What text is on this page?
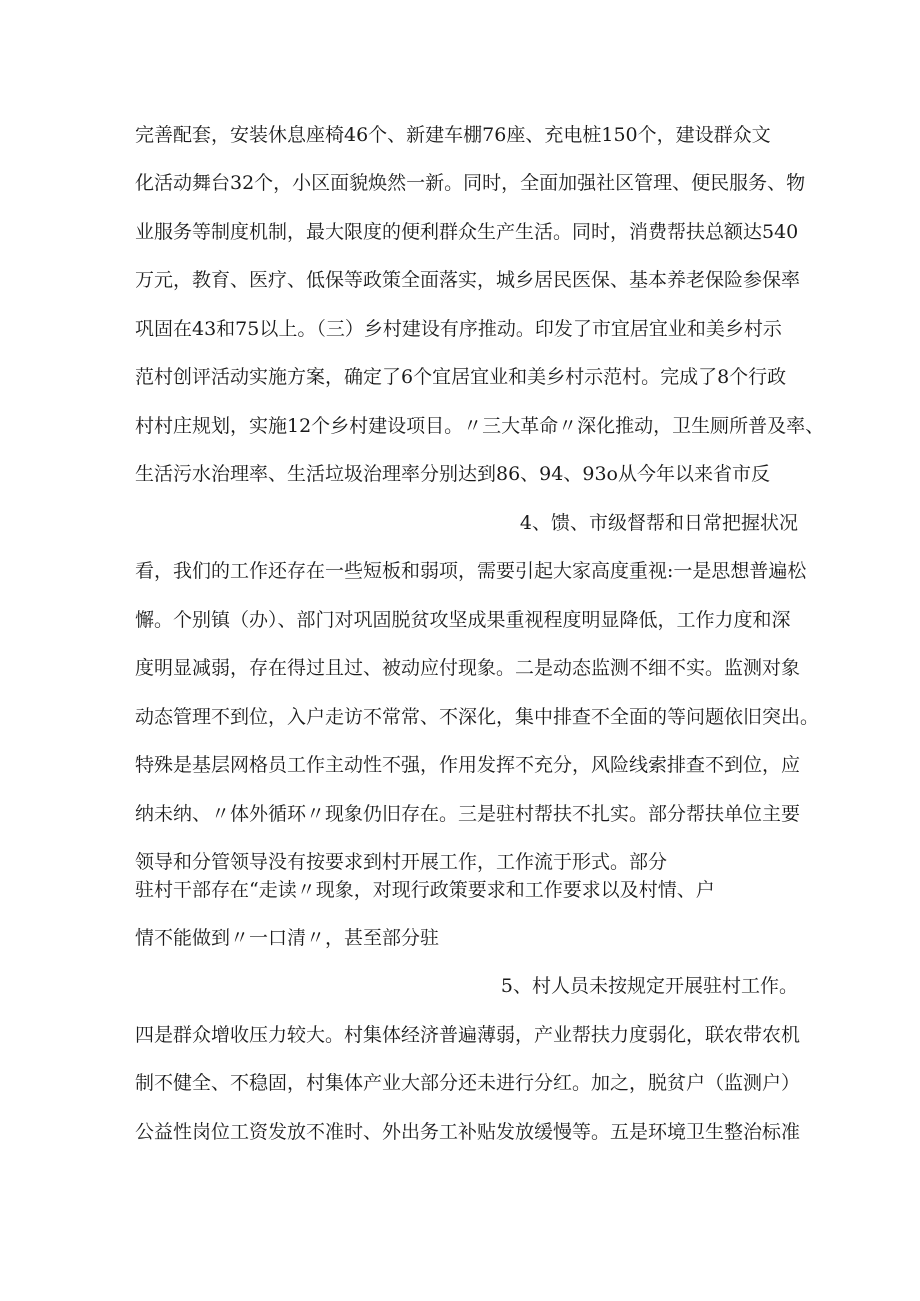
完善配套，安装休息座椅46个、新建车棚76座、充电桩150个，建设群众文
化活动舞台32个，小区面貌焕然一新。同时，全面加强社区管理、便民服务、物
业服务等制度机制，最大限度的便利群众生产生活。同时，消费帮扶总额达540
万元，教育、医疗、低保等政策全面落实，城乡居民医保、基本养老保险参保率
巩固在43和75以上。（三）乡村建设有序推动。印发了市宜居宜业和美乡村示
范村创评活动实施方案，确定了6个宜居宜业和美乡村示范村。完成了8个行政
村村庄规划，实施12个乡村建设项目。〃三大革命〃深化推动，卫生厕所普及率、
生活污水治理率、生活垃圾治理率分别达到86、94、93o从今年以来省市反
4、馈、市级督帮和日常把握状况
看，我们的工作还存在一些短板和弱项，需要引起大家高度重视:一是思想普遍松
懈。个别镇（办）、部门对巩固脱贫攻坚成果重视程度明显降低，工作力度和深
度明显减弱，存在得过且过、被动应付现象。二是动态监测不细不实。监测对象
动态管理不到位，入户走访不常常、不深化，集中排查不全面的等问题依旧突出。
特殊是基层网格员工作主动性不强，作用发挥不充分，风险线索排查不到位，应
纳未纳、〃体外循环〃现象仍旧存在。三是驻村帮扶不扎实。部分帮扶单位主要
领导和分管领导没有按要求到村开展工作，工作流于形式。部分
驻村干部存在“走读〃现象，对现行政策要求和工作要求以及村情、户
情不能做到〃一口清〃，甚至部分驻
5、村人员未按规定开展驻村工作。
四是群众增收压力较大。村集体经济普遍薄弱，产业帮扶力度弱化，联农带农机
制不健全、不稳固，村集体产业大部分还未进行分红。加之，脱贫户（监测户）
公益性岗位工资发放不准时、外出务工补贴发放缓慢等。五是环境卫生整治标准
